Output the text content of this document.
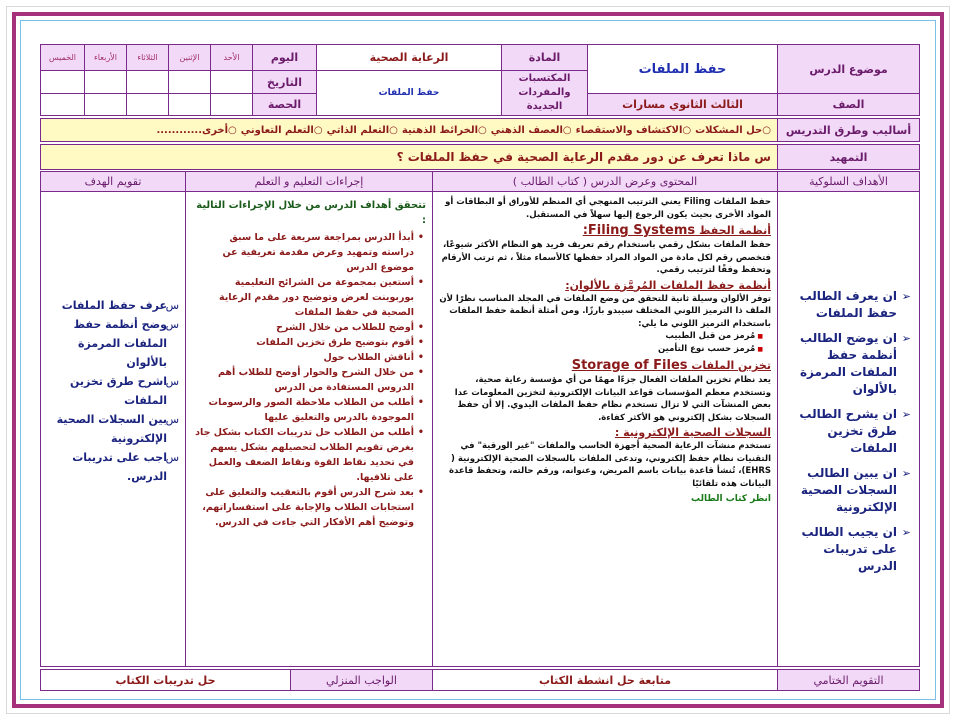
موضوع الدرس
حفظ الملفات
المادة
الرعاية الصحية
اليوم
الأحد
الإثنين
الثلاثاء
الأربعاء
الخميس
المكتسبات والمفردات الجديدة
حفظ الملفات
التاريخ
الحصة	الصف
الثالث الثانوي مسارات
أساليب وطرق التدريس
○حل المشكلات
○الاكتشاف والاستقصاء
○العصف الذهني
○الخرائط الذهنية
○التعلم الذاتي
○التعلم التعاوني
○أخرى............
التمهيد
س ماذا تعرف عن دور مقدم الرعاية الصحية في حفظ الملفات ؟
الأهداف السلوكية
المحتوى وعرض الدرس ( كتاب الطالب )
إجراءات التعليم و التعلم
تقويم الهدف

➢ ان يعرف الطالب حفظ الملفات

➢ ان يوضح الطالب أنظمة حفظ الملفات المرمزة بالألوان

➢ ان يشرح الطالب طرق تخزين الملفات

➢ ان يبين الطالب السجلات الصحية الإلكترونية

➢ ان يجيب الطالب على تدريبات الدرس

حفظ الملفات Filing يعني الترتيب المنهجي أي المنظم للأوراق أو البطاقات أو المواد الأخرى بحيث يكون الرجوع إليها سهلاً في المستقبل.

أنظمة الحفظ Filing Systems:

حفظ الملفات بشكل رقمي باستخدام رقم تعريف فريد هو النظام الأكثر شيوعًا، فتخصص رقم لكل مادة من المواد المراد حفظها كالأسماء مثلاً ، ثم ترتب الأرقام وتحفظ وفقًا لترتيب رقمي.

أنظمة حفظ الملفات المُرمَّزة بالألوان:

توفر الألوان وسيلة ثانية للتحقق من وضع الملفات في المجلد المناسب نظرًا لأن الملف ذا الترميز اللوني المختلف سيبدو بارزًا. ومن أمثلة أنظمة حفظ الملفات باستخدام الترميز اللوني ما يلي:

■ مُرمز من قبل الطبيب

■ مُرمز حسب نوع التأمين

تخزين الملفات Storage of Files

يعد نظام تخزين الملفات الفعال جزءًا مهمًا من أي مؤسسة رعاية صحية، وتستخدم معظم المؤسسات قواعد البيانات الإلكترونية لتخزين المعلومات عدا بعض المنشآت التي لا تزال تستخدم نظام حفظ الملفات اليدوي. إلا أن حفظ السجلات بشكل إلكتروني هو الأكثر كفاءة.

السجلات الصحية الإلكترونية :

تستخدم منشآت الرعاية الصحية أجهزة الحاسب والملفات "غير الورقية" في التقنيات نظام حفظ إلكتروني، وتدعى الملفات بالسجلات الصحية الإلكترونية ( EHRS)، تُنشأ قاعدة بيانات باسم المريض، وعنوانه، ورقم حالته، وتحفظ قاعدة البيانات هذه تلقائيًا

انظر كتاب الطالب

تتحقق أهداف الدرس من خلال الإجراءات التالية :

• أبدأ الدرس بمراجعة سريعة على ما سبق دراسته وتمهيد وعرض مقدمة تعريفية عن موضوع الدرس

• أستعين بمجموعة من الشرائح التعليمية بوربوينت لعرض وتوضيح دور مقدم الرعاية الصحية في حفظ الملفات

• أوضح للطلاب من خلال الشرح

• أقوم بتوضيح طرق تخزين الملفات

• أناقش الطلاب حول

• من خلال الشرح والحوار أوضح للطلاب أهم الدروس المستفادة من الدرس

• أطلب من الطلاب ملاحظة الصور والرسومات الموجودة بالدرس والتعليق عليها

• أطلب من الطلاب حل تدريبات الكتاب بشكل جاد بغرض تقويم الطلاب لتحصيلهم بشكل يسهم في تحديد نقاط القوة ونقاط الضعف والعمل على تلافيها.

• بعد شرح الدرس أقوم بالتعقيب والتعليق على استجابات الطلاب والإجابة على استفساراتهم، وتوضيح أهم الأفكار التي جاءت في الدرس.

س عرف حفظ الملفات

س وضح أنظمة حفظ الملفات المرمزة بالألوان

س اشرح طرق تخزين الملفات

س بين السجلات الصحية الإلكترونية

س اجب على تدريبات الدرس.

التقويم الختامي
متابعة حل انشطة الكتاب
الواجب المنزلي
حل تدريبات الكتاب
